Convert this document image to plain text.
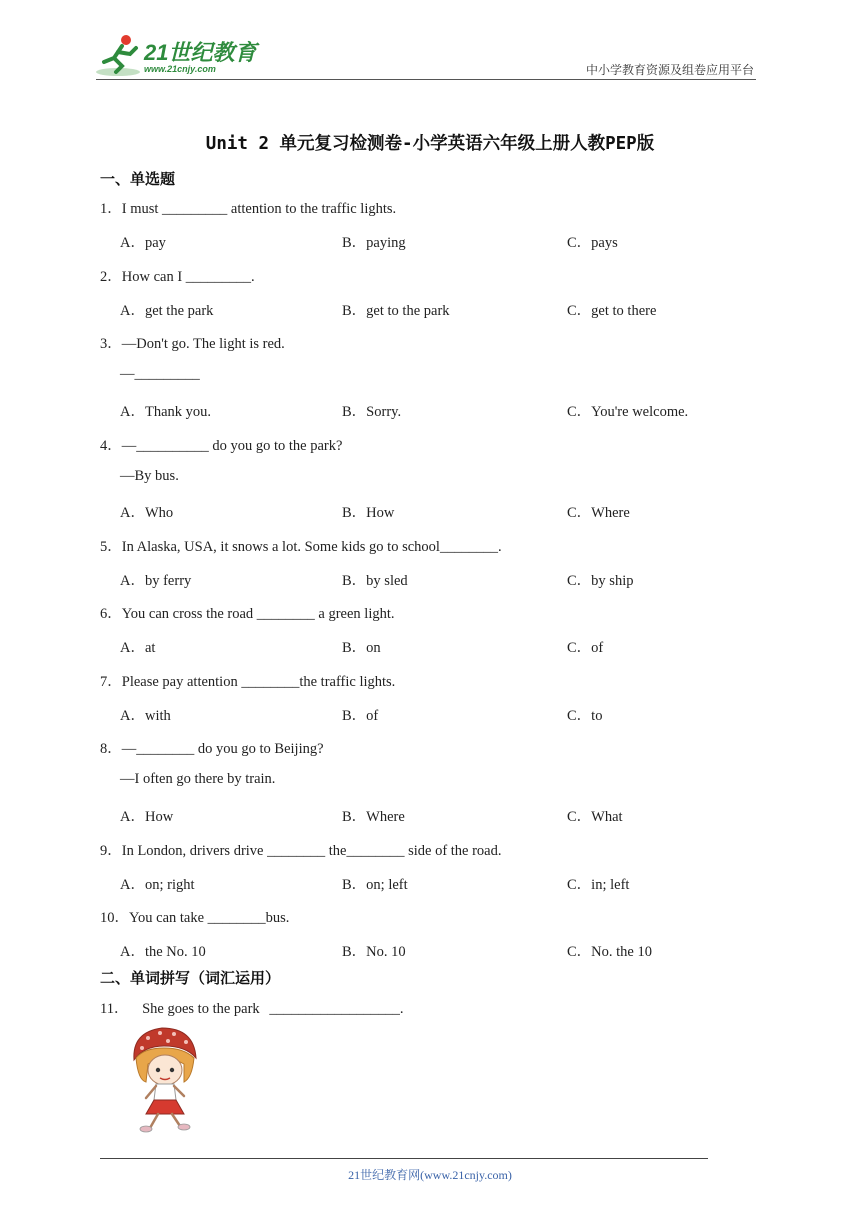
21世纪教育
www.21cnjy.com	中小学教育资源及组卷应用平台
Unit 2 单元复习检测卷-小学英语六年级上册人教PEP版
一、单选题
1．I must _________ attention to the traffic lights.
A．pay	B．paying	C．pays
2．How can I _________.
A．get the park	B．get to the park	C．get to there
3．—Don't go. The light is red.
—_________
A．Thank you.	B．Sorry.	C．You're welcome.
4．—__________ do you go to the park?
—By bus.
A．Who	B．How	C．Where
5．In Alaska, USA, it snows a lot. Some kids go to school________.
A．by ferry	B．by sled	C．by ship
6．You can cross the road ________ a green light.
A．at	B．on	C．of
7．Please pay attention ________the traffic lights.
A．with	B．of	C．to
8．—________ do you go to Beijing?
—I often go there by train.
A．How	B．Where	C．What
9．In London, drivers drive ________ the________ side of the road.
A．on; right	B．on; left	C．in; left
10．You can take ________bus.
A．the No. 10	B．No. 10	C．No. the 10
二、单词拼写（词汇运用）
11． She goes to the park __________________.
21世纪教育网(www.21cnjy.com)
